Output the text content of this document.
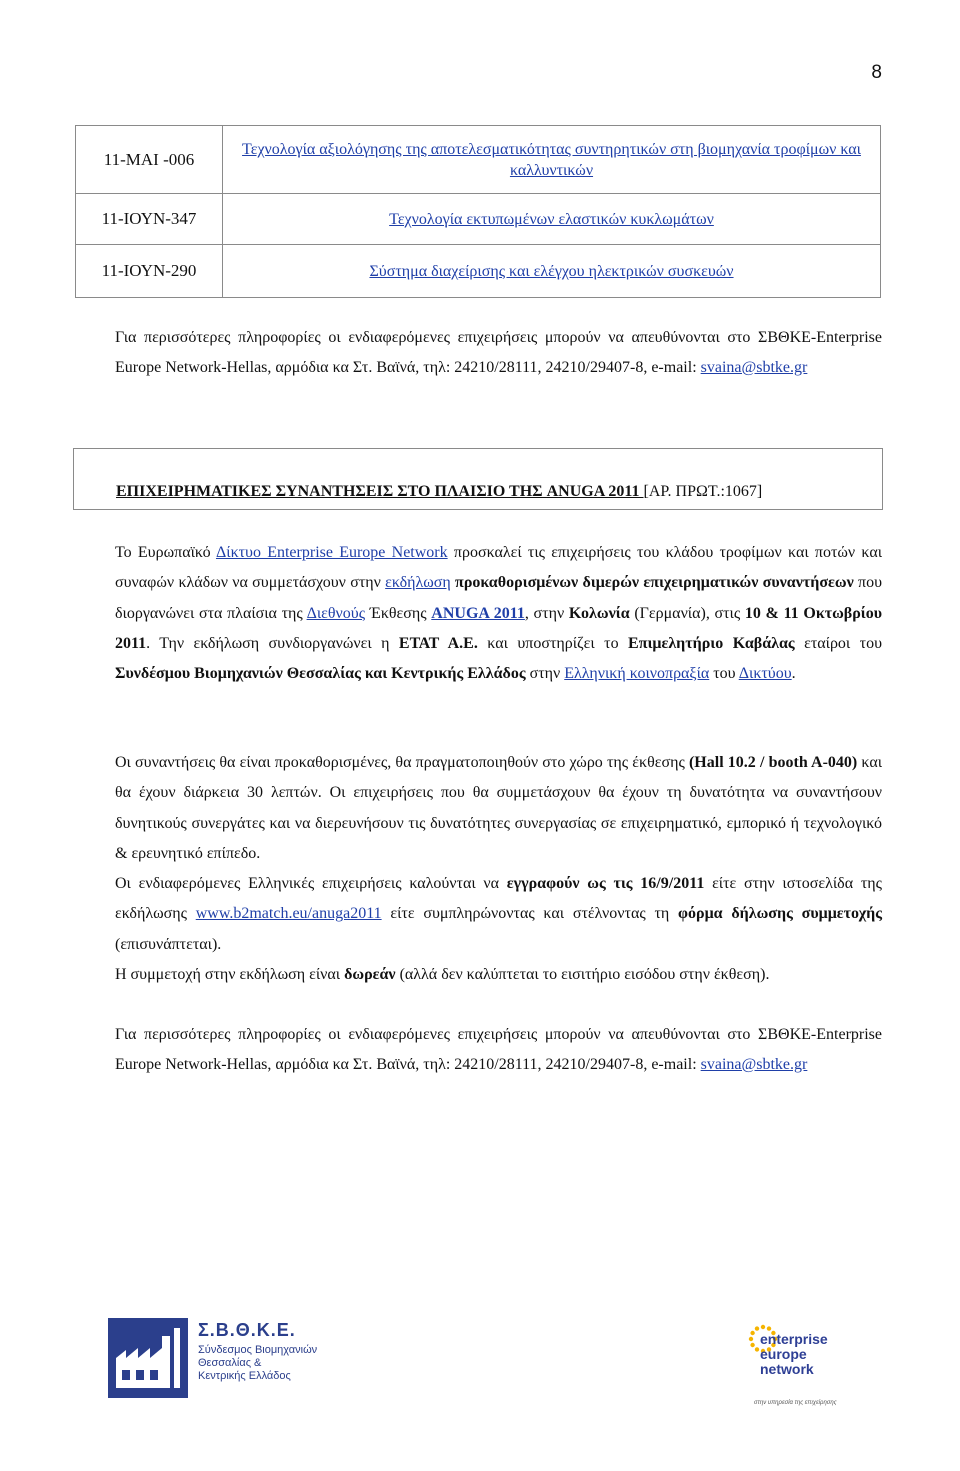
8
11-ΜΑΙ -006	Τεχνολογία αξιολόγησης της αποτελεσματικότητας συντηρητικών στη βιομηχανία τροφίμων και καλλυντικών
11-ΙΟΥΝ-347	Τεχνολογία εκτυπωμένων ελαστικών κυκλωμάτων
11-ΙΟΥΝ-290	Σύστημα διαχείρισης και ελέγχου ηλεκτρικών συσκευών
Για περισσότερες πληροφορίες οι ενδιαφερόμενες επιχειρήσεις μπορούν να απευθύνονται στο ΣΒΘΚΕ-Enterprise Europe Network-Hellas, αρμόδια κα Στ. Βαϊνά, τηλ: 24210/28111, 24210/29407-8, e-mail: svaina@sbtke.gr
ΕΠΙΧΕΙΡΗΜΑΤΙΚΕΣ ΣΥΝΑΝΤΗΣΕΙΣ ΣΤΟ ΠΛΑΙΣΙΟ ΤΗΣ ANUGA 2011 [ΑΡ. ΠΡΩΤ.:1067]

Το Ευρωπαϊκό Δίκτυο Enterprise Europe Network προσκαλεί τις επιχειρήσεις του κλάδου τροφίμων και ποτών και συναφών κλάδων να συμμετάσχουν στην εκδήλωση προκαθορισμένων διμερών επιχειρηματικών συναντήσεων που διοργανώνει στα πλαίσια της Διεθνούς Έκθεσης ANUGA 2011, στην Κολωνία (Γερμανία), στις 10 & 11 Οκτωβρίου 2011. Την εκδήλωση συνδιοργανώνει η ΕΤΑΤ Α.Ε. και υποστηρίζει το Επιμελητήριο Καβάλας εταίροι του Συνδέσμου Βιομηχανιών Θεσσαλίας και Κεντρικής Ελλάδος στην Ελληνική κοινοπραξία του Δικτύου.

Οι συναντήσεις θα είναι προκαθορισμένες, θα πραγματοποιηθούν στο χώρο της έκθεσης (Hall 10.2 / booth A-040) και θα έχουν διάρκεια 30 λεπτών. Οι επιχειρήσεις που θα συμμετάσχουν θα έχουν τη δυνατότητα να συναντήσουν δυνητικούς συνεργάτες και να διερευνήσουν τις δυνατότητες συνεργασίας σε επιχειρηματικό, εμπορικό ή τεχνολογικό & ερευνητικό επίπεδο.

Οι ενδιαφερόμενες Ελληνικές επιχειρήσεις καλούνται να εγγραφούν ως τις 16/9/2011 είτε στην ιστοσελίδα της εκδήλωσης www.b2match.eu/anuga2011 είτε συμπληρώνοντας και στέλνοντας τη φόρμα δήλωσης συμμετοχής (επισυνάπτεται).

Η συμμετοχή στην εκδήλωση είναι δωρεάν (αλλά δεν καλύπτεται το εισιτήριο εισόδου στην έκθεση).

Για περισσότερες πληροφορίες οι ενδιαφερόμενες επιχειρήσεις μπορούν να απευθύνονται στο ΣΒΘΚΕ-Enterprise Europe Network-Hellas, αρμόδια κα Στ. Βαϊνά, τηλ: 24210/28111, 24210/29407-8, e-mail: svaina@sbtke.gr
Σ.Β.Θ.Κ.Ε.
Σύνδεσμος Βιομηχανιών
Θεσσαλίας &
Κεντρικής Ελλάδος
enterprise
europe
network
στην υπηρεσία της επιχείρησης
